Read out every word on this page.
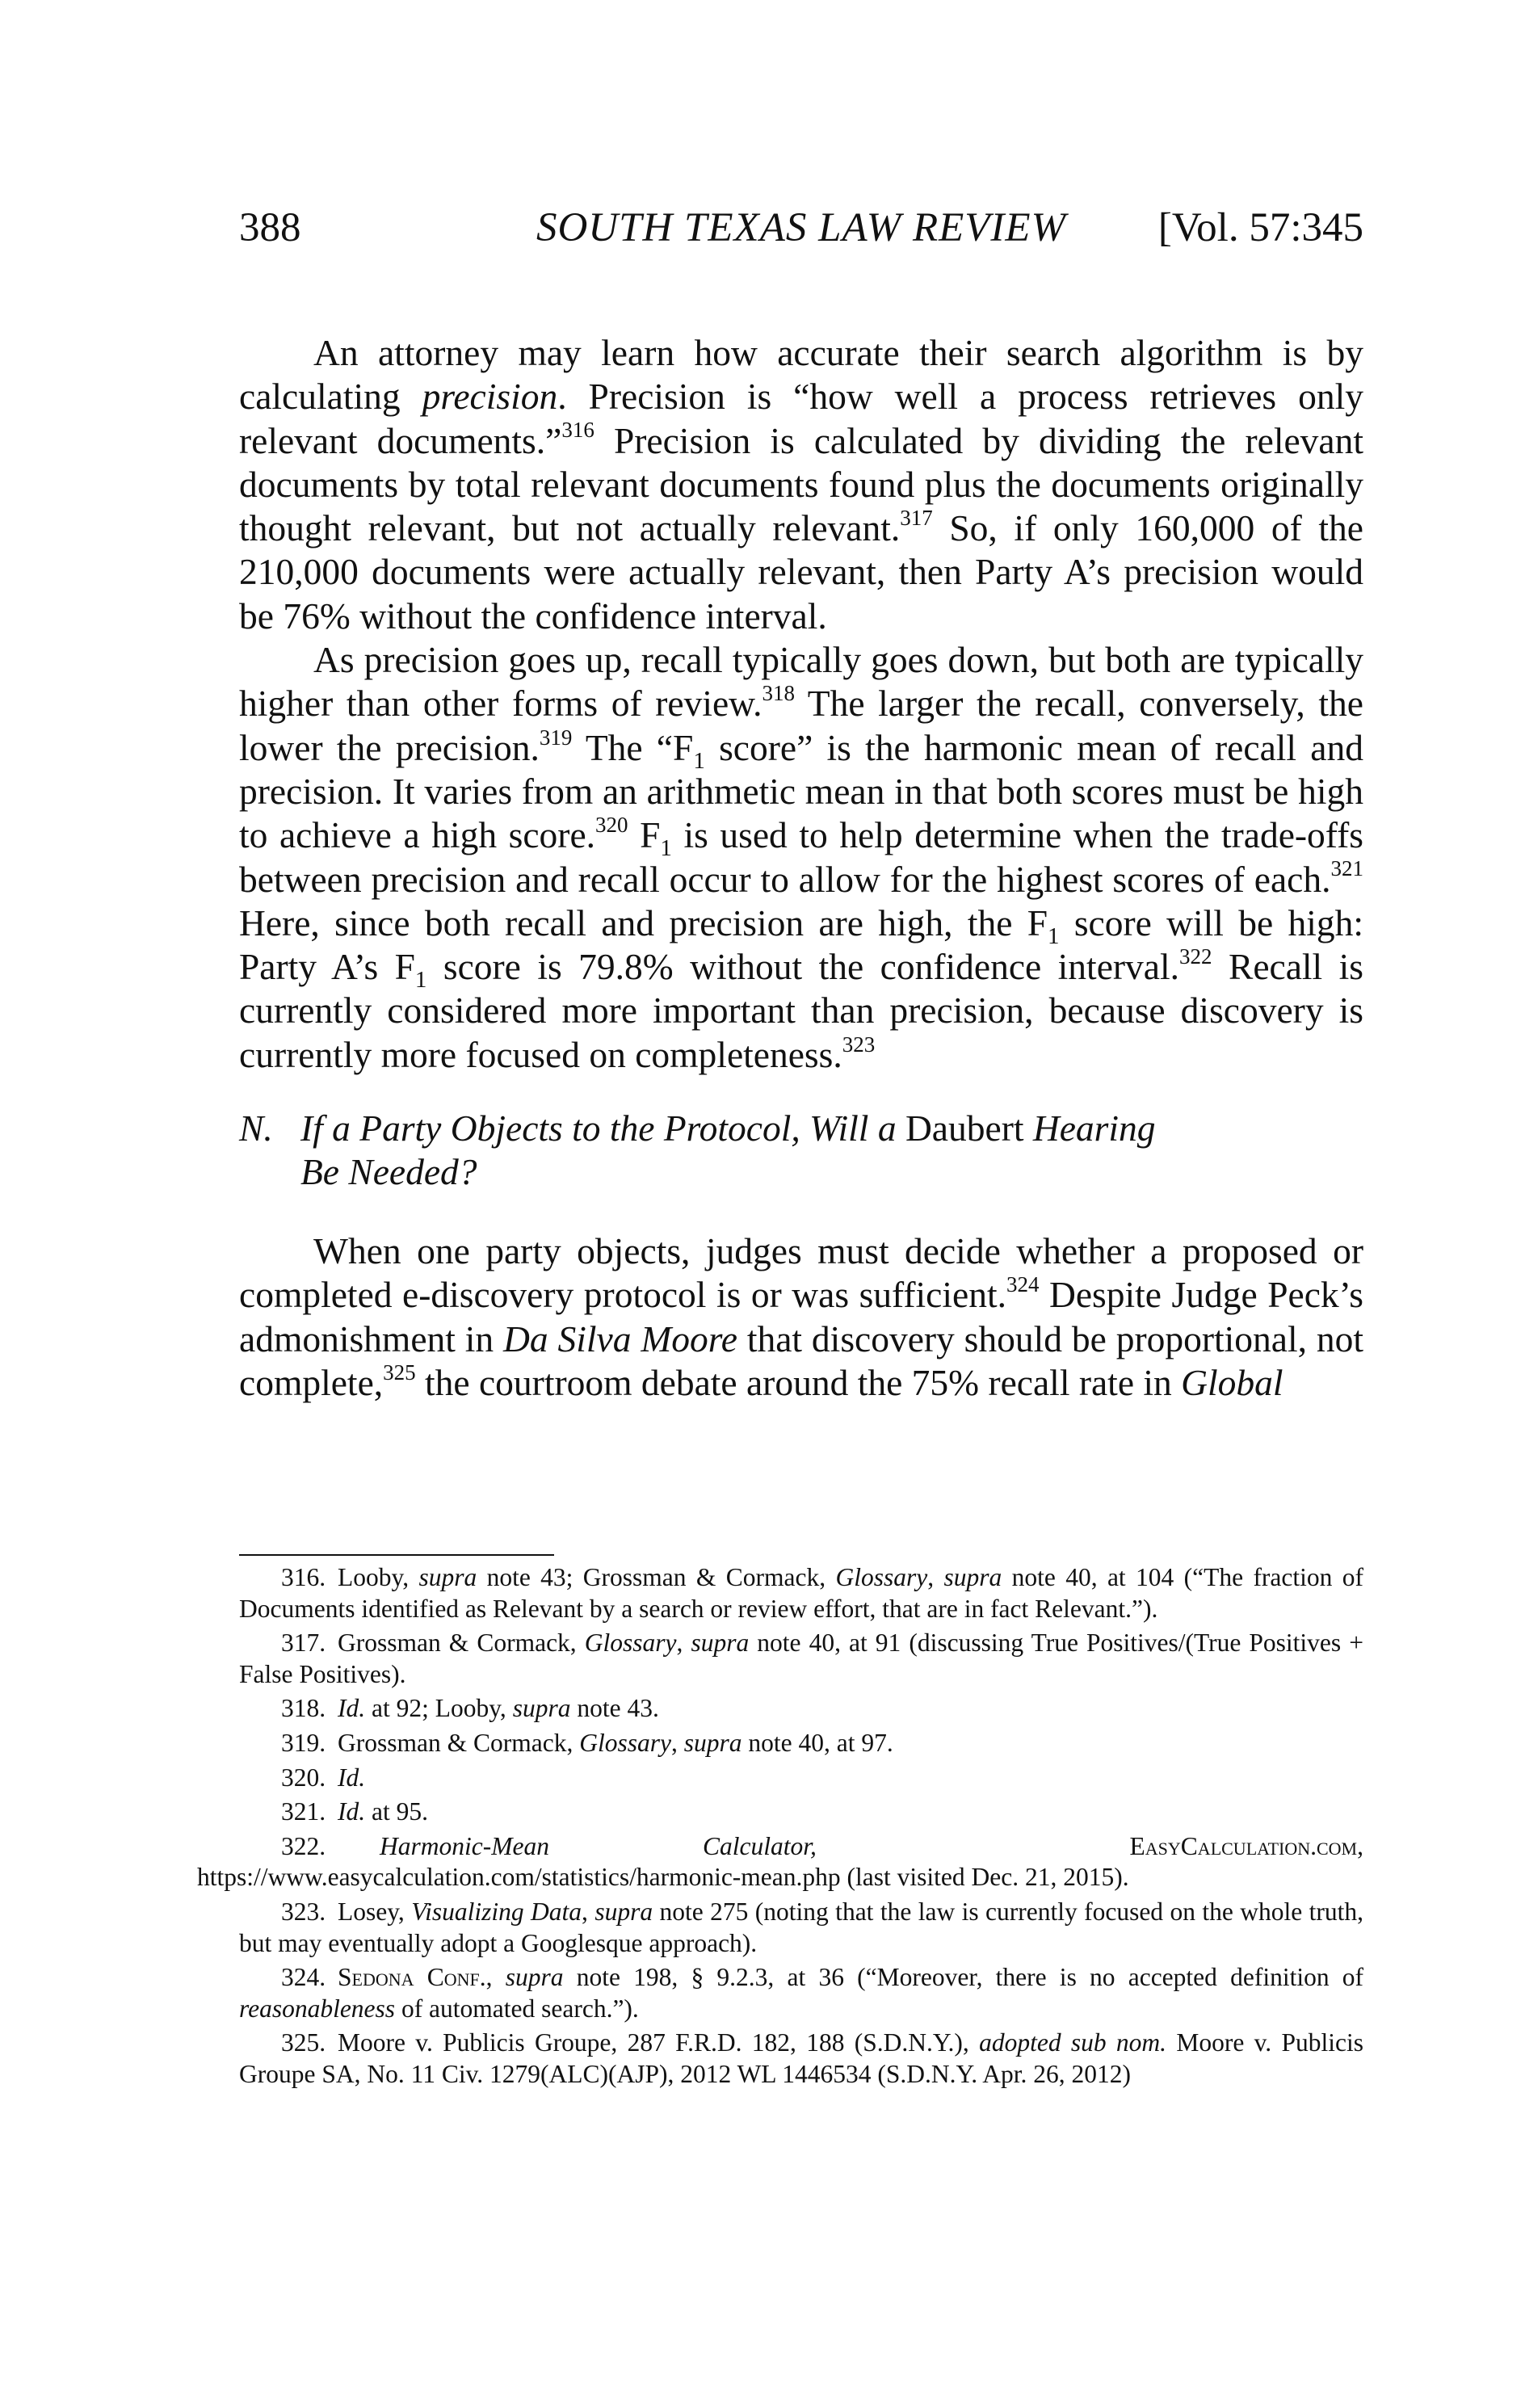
388	SOUTH TEXAS LAW REVIEW	[Vol. 57:345

An attorney may learn how accurate their search algorithm is by calculating precision. Precision is “how well a process retrieves only relevant documents.”$^{316}$ Precision is calculated by dividing the relevant documents by total relevant documents found plus the documents originally thought relevant, but not actually relevant.$^{317}$ So, if only 160,000 of the 210,000 documents were actually relevant, then Party A’s precision would be 76% without the confidence interval.

As precision goes up, recall typically goes down, but both are typically higher than other forms of review.$^{318}$ The larger the recall, conversely, the lower the precision.$^{319}$ The “$F_1$ score” is the harmonic mean of recall and precision. It varies from an arithmetic mean in that both scores must be high to achieve a high score.$^{320}$ $F_1$ is used to help determine when the trade-offs between precision and recall occur to allow for the highest scores of each.$^{321}$ Here, since both recall and precision are high, the $F_1$ score will be high: Party A’s $F_1$ score is 79.8% without the confidence interval.$^{322}$ Recall is currently considered more important than precision, because discovery is currently more focused on completeness.$^{323}$

N. If a Party Objects to the Protocol, Will a Daubert Hearing Be Needed?

When one party objects, judges must decide whether a proposed or completed e-discovery protocol is or was sufficient.$^{324}$ Despite Judge Peck’s admonishment in Da Silva Moore that discovery should be proportional, not complete,$^{325}$ the courtroom debate around the 75% recall rate in Global

316. Looby, supra note 43; Grossman & Cormack, Glossary, supra note 40, at 104 (“The fraction of Documents identified as Relevant by a search or review effort, that are in fact Relevant.”).

317. Grossman & Cormack, Glossary, supra note 40, at 91 (discussing True Positives/(True Positives + False Positives).

318. Id. at 92; Looby, supra note 43.

319. Grossman & Cormack, Glossary, supra note 40, at 97.

320. Id.

321. Id. at 95.

322. Harmonic-Mean	Calculator,	EasyCalculation.com,

https://www.easycalculation.com/statistics/harmonic-mean.php (last visited Dec. 21, 2015).

323. Losey, Visualizing Data, supra note 275 (noting that the law is currently focused on the whole truth, but may eventually adopt a Googlesque approach).

324. Sedona Conf., supra note 198, § 9.2.3, at 36 (“Moreover, there is no accepted definition of reasonableness of automated search.”).

325. Moore v. Publicis Groupe, 287 F.R.D. 182, 188 (S.D.N.Y.), adopted sub nom. Moore v. Publicis Groupe SA, No. 11 Civ. 1279(ALC)(AJP), 2012 WL 1446534 (S.D.N.Y. Apr. 26, 2012)
